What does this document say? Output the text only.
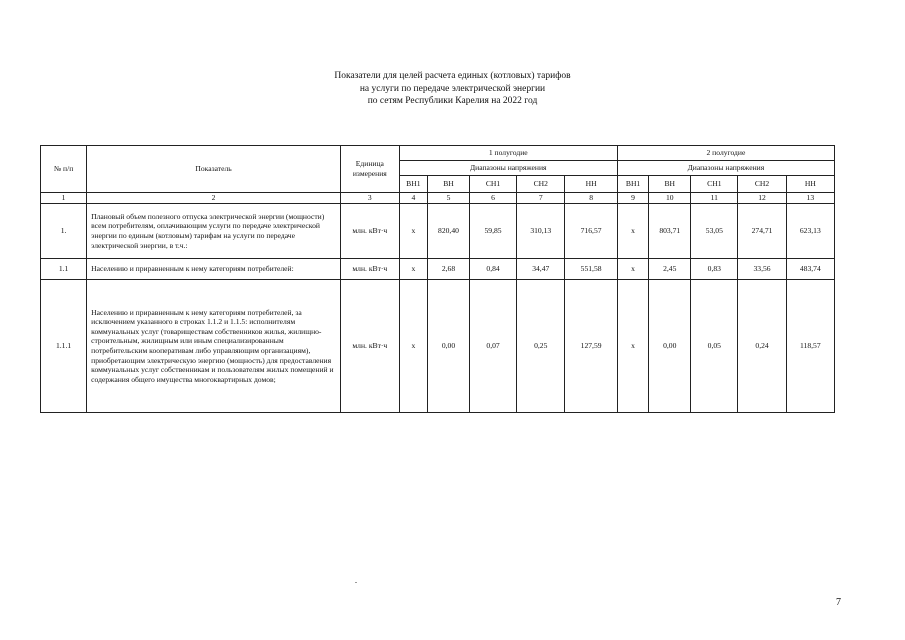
Показатели для целей расчета единых (котловых) тарифов
на услуги по передаче электрической энергии
по сетям Республики Карелия на 2022 год
№ п/п	Показатель	Единица измерения	1 полугодие					2 полугодие				
			Диапазоны напряжения					Диапазоны напряжения				
			ВН1	ВН	СН1	СН2	НН	ВН1	ВН	СН1	СН2	НН
1	2	3	4	5	6	7	8	9	10	11	12	13
1.	Плановый объем полезного отпуска электрической энергии (мощности) всем потребителям, оплачивающим услуги по передаче электрической энергии по единым (котловым) тарифам на услуги по передаче электрической энергии, в т.ч.:	млн. кВт·ч	х	820,40	59,85	310,13	716,57	х	803,71	53,05	274,71	623,13
1.1	Населению и приравненным к нему категориям потребителей:	млн. кВт·ч	х	2,68	0,84	34,47	551,58	х	2,45	0,83	33,56	483,74
1.1.1	Населению и приравненным к нему категориям потребителей, за исключением указанного в строках 1.1.2 и 1.1.5: исполнителям коммунальных услуг (товариществам собственников жилья, жилищно-строительным, жилищным или иным специализированным потребительским кооперативам либо управляющим организациям), приобретающим электрическую энергию (мощность) для предоставления коммунальных услуг собственникам и пользователям жилых помещений и содержания общего имущества многоквартирных домов;	млн. кВт·ч	х	0,00	0,07	0,25	127,59	х	0,00	0,05	0,24	118,57
7
